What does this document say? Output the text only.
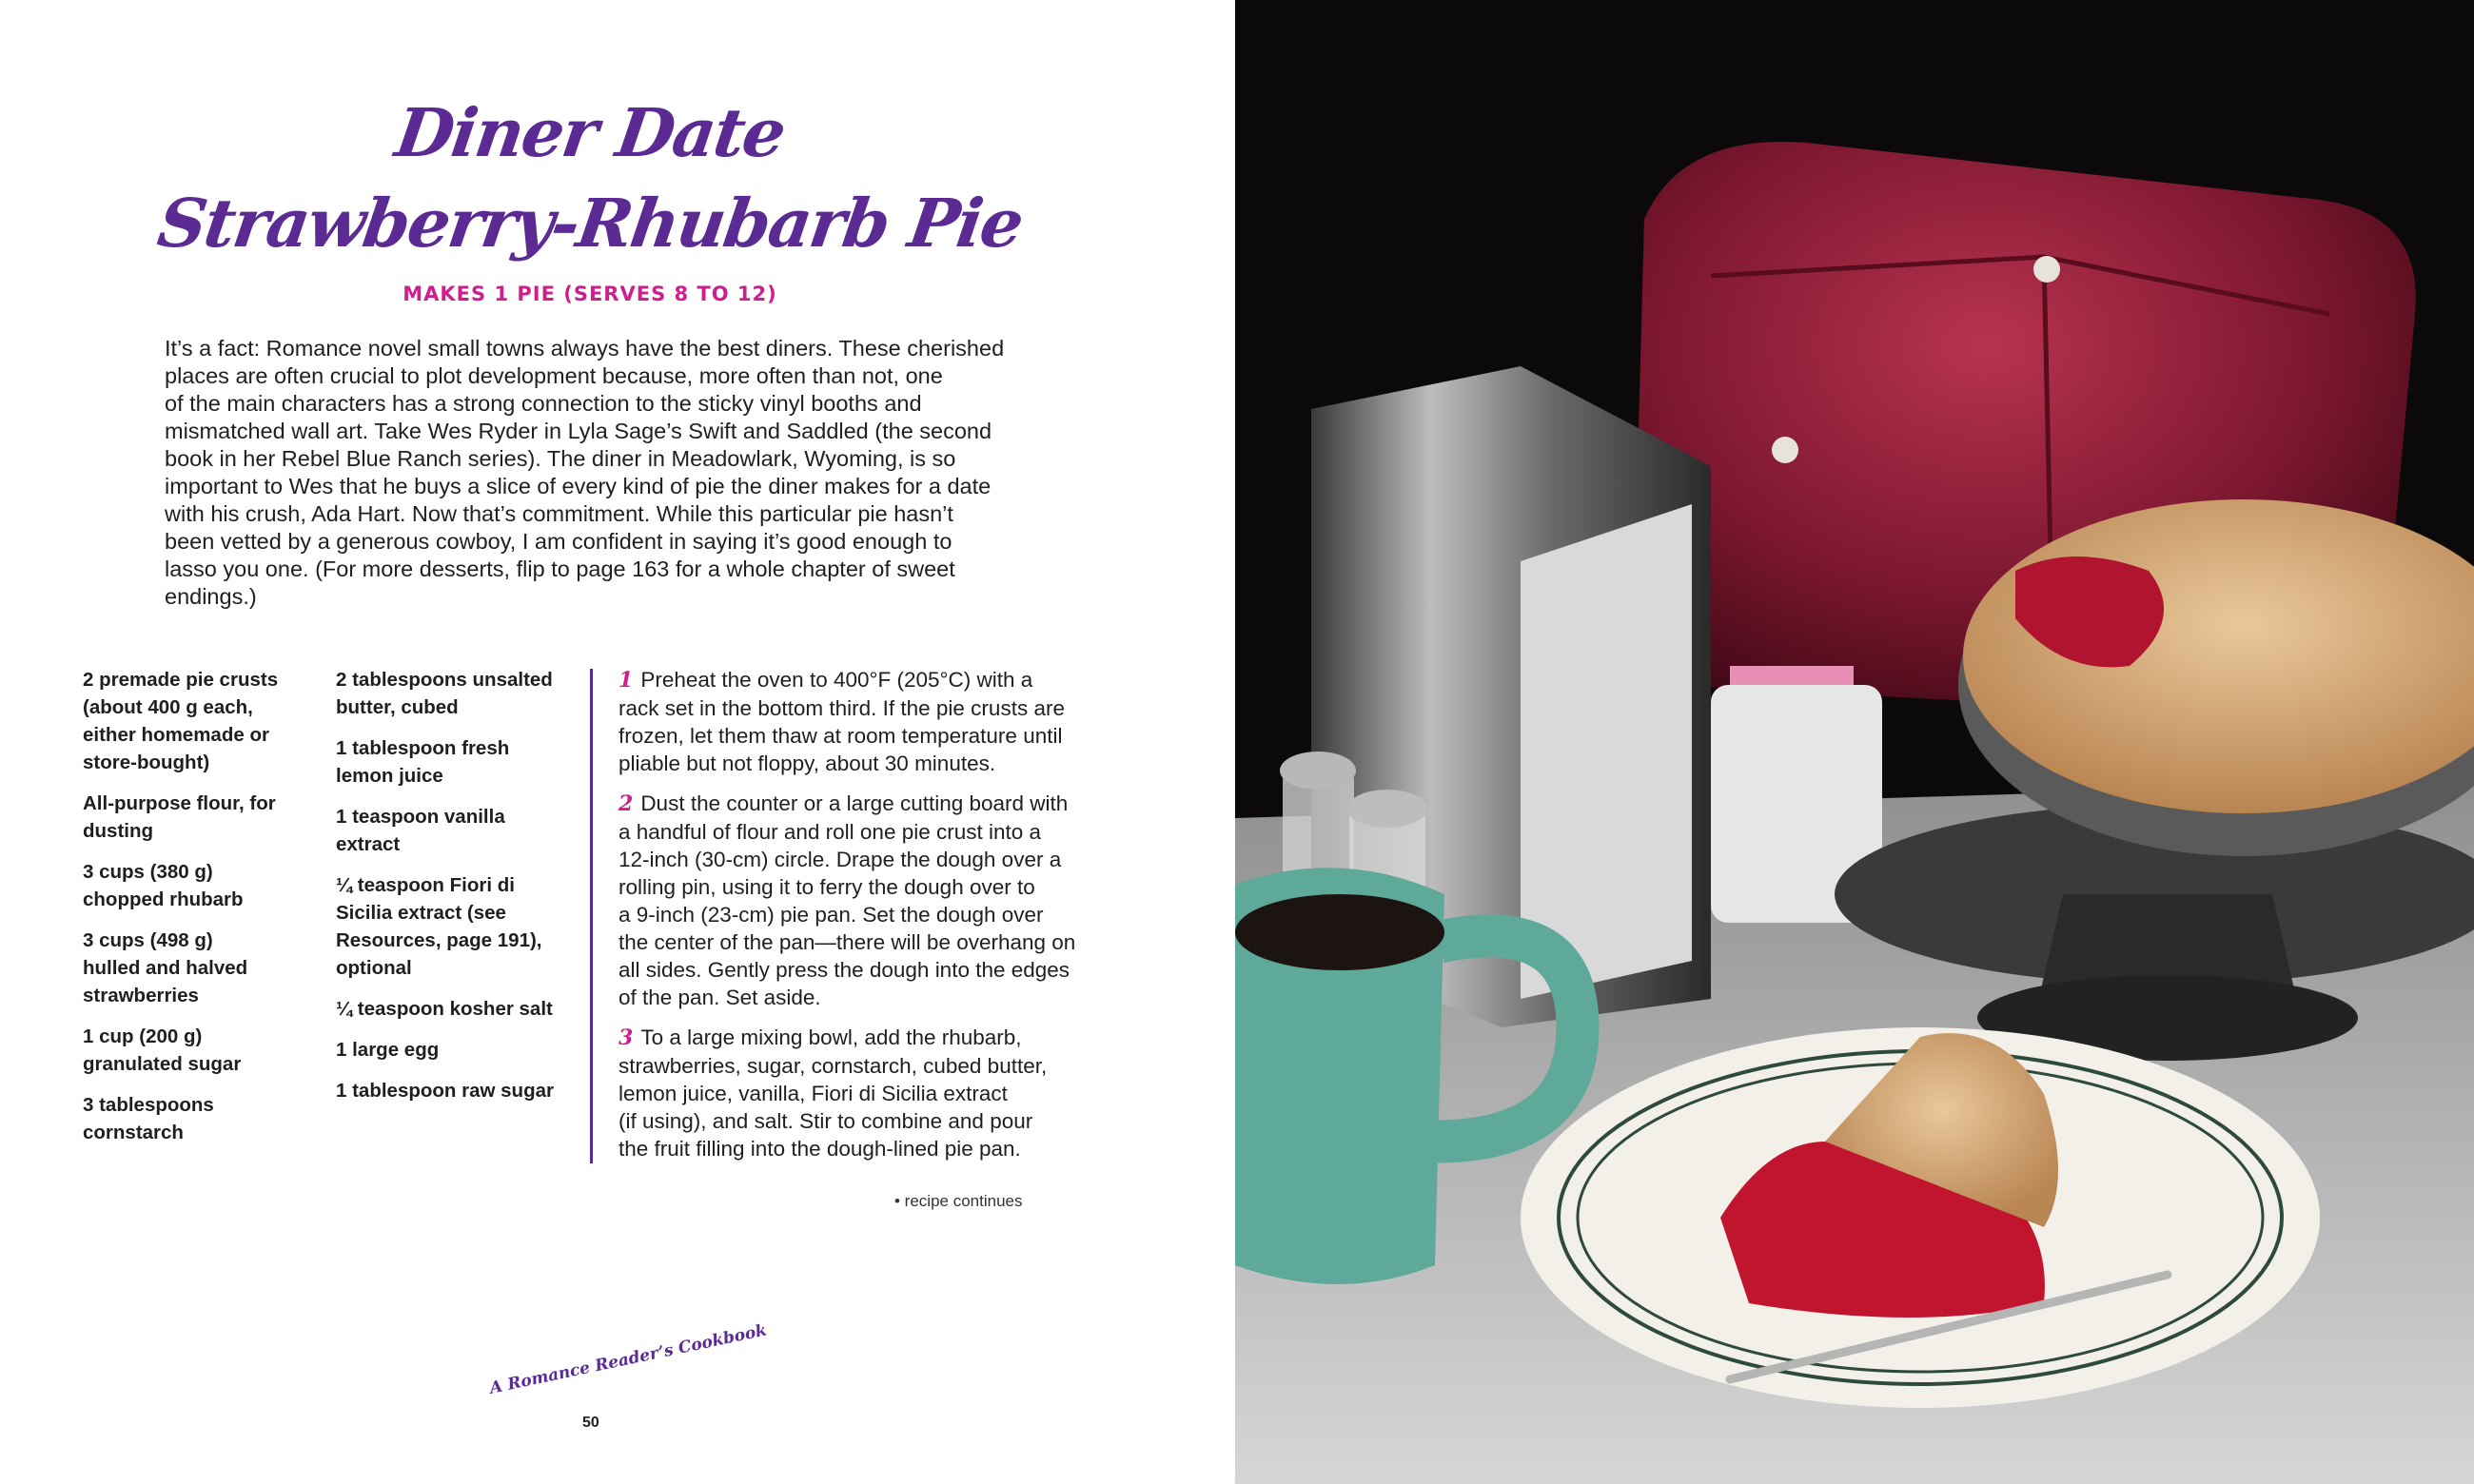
Diner Date
Strawberry-Rhubarb Pie
MAKES 1 PIE (SERVES 8 TO 12)

It’s a fact: Romance novel small towns always have the best diners. These cherished
places are often crucial to plot development because, more often than not, one
of the main characters has a strong connection to the sticky vinyl booths and
mismatched wall art. Take Wes Ryder in Lyla Sage’s Swift and Saddled (the second
book in her Rebel Blue Ranch series). The diner in Meadowlark, Wyoming, is so
important to Wes that he buys a slice of every kind of pie the diner makes for a date
with his crush, Ada Hart. Now that’s commitment. While this particular pie hasn’t
been vetted by a generous cowboy, I am confident in saying it’s good enough to
lasso you one. (For more desserts, flip to page 163 for a whole chapter of sweet
endings.)

2 premade pie crusts
(about 400 g each,
either homemade or
store-bought)
All-purpose flour, for
dusting
3 cups (380 g)
chopped rhubarb
3 cups (498 g)
hulled and halved
strawberries
1 cup (200 g)
granulated sugar
3 tablespoons
cornstarch
2 tablespoons unsalted
butter, cubed
1 tablespoon fresh
lemon juice
1 teaspoon vanilla
extract
¼ teaspoon Fiori di
Sicilia extract (see
Resources, page 191),
optional
¼ teaspoon kosher salt
1 large egg
1 tablespoon raw sugar
1 Preheat the oven to 400°F (205°C) with a
rack set in the bottom third. If the pie crusts are
frozen, let them thaw at room temperature until
pliable but not floppy, about 30 minutes.
2 Dust the counter or a large cutting board with
a handful of flour and roll one pie crust into a
12-inch (30-cm) circle. Drape the dough over a
rolling pin, using it to ferry the dough over to
a 9-inch (23-cm) pie pan. Set the dough over
the center of the pan—there will be overhang on
all sides. Gently press the dough into the edges
of the pan. Set aside.
3 To a large mixing bowl, add the rhubarb,
strawberries, sugar, cornstarch, cubed butter,
lemon juice, vanilla, Fiori di Sicilia extract
(if using), and salt. Stir to combine and pour
the fruit filling into the dough-lined pie pan.
• recipe continues
A Romance Reader’s Cookbook
50
